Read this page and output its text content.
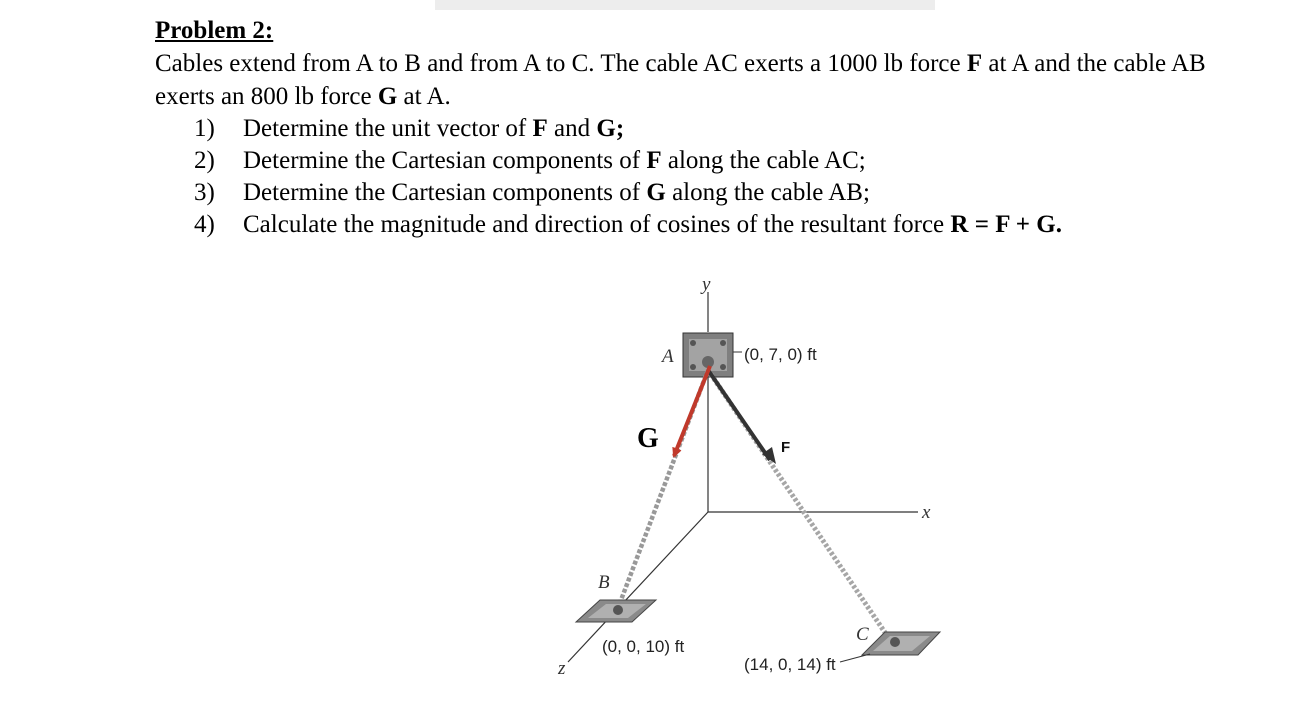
Problem 2:

Cables extend from A to B and from A to C. The cable AC exerts a 1000 lb force F at A and the cable AB exerts an 800 lb force G at A.

1) Determine the unit vector of F and G;
2) Determine the Cartesian components of F along the cable AC;
3) Determine the Cartesian components of G along the cable AB;
4) Calculate the magnitude and direction of cosines of the resultant force R = F + G.
y
x
z
A	(0, 7, 0) ft
F
G
B
(0, 0, 10) ft
C
(14, 0, 14) ft
